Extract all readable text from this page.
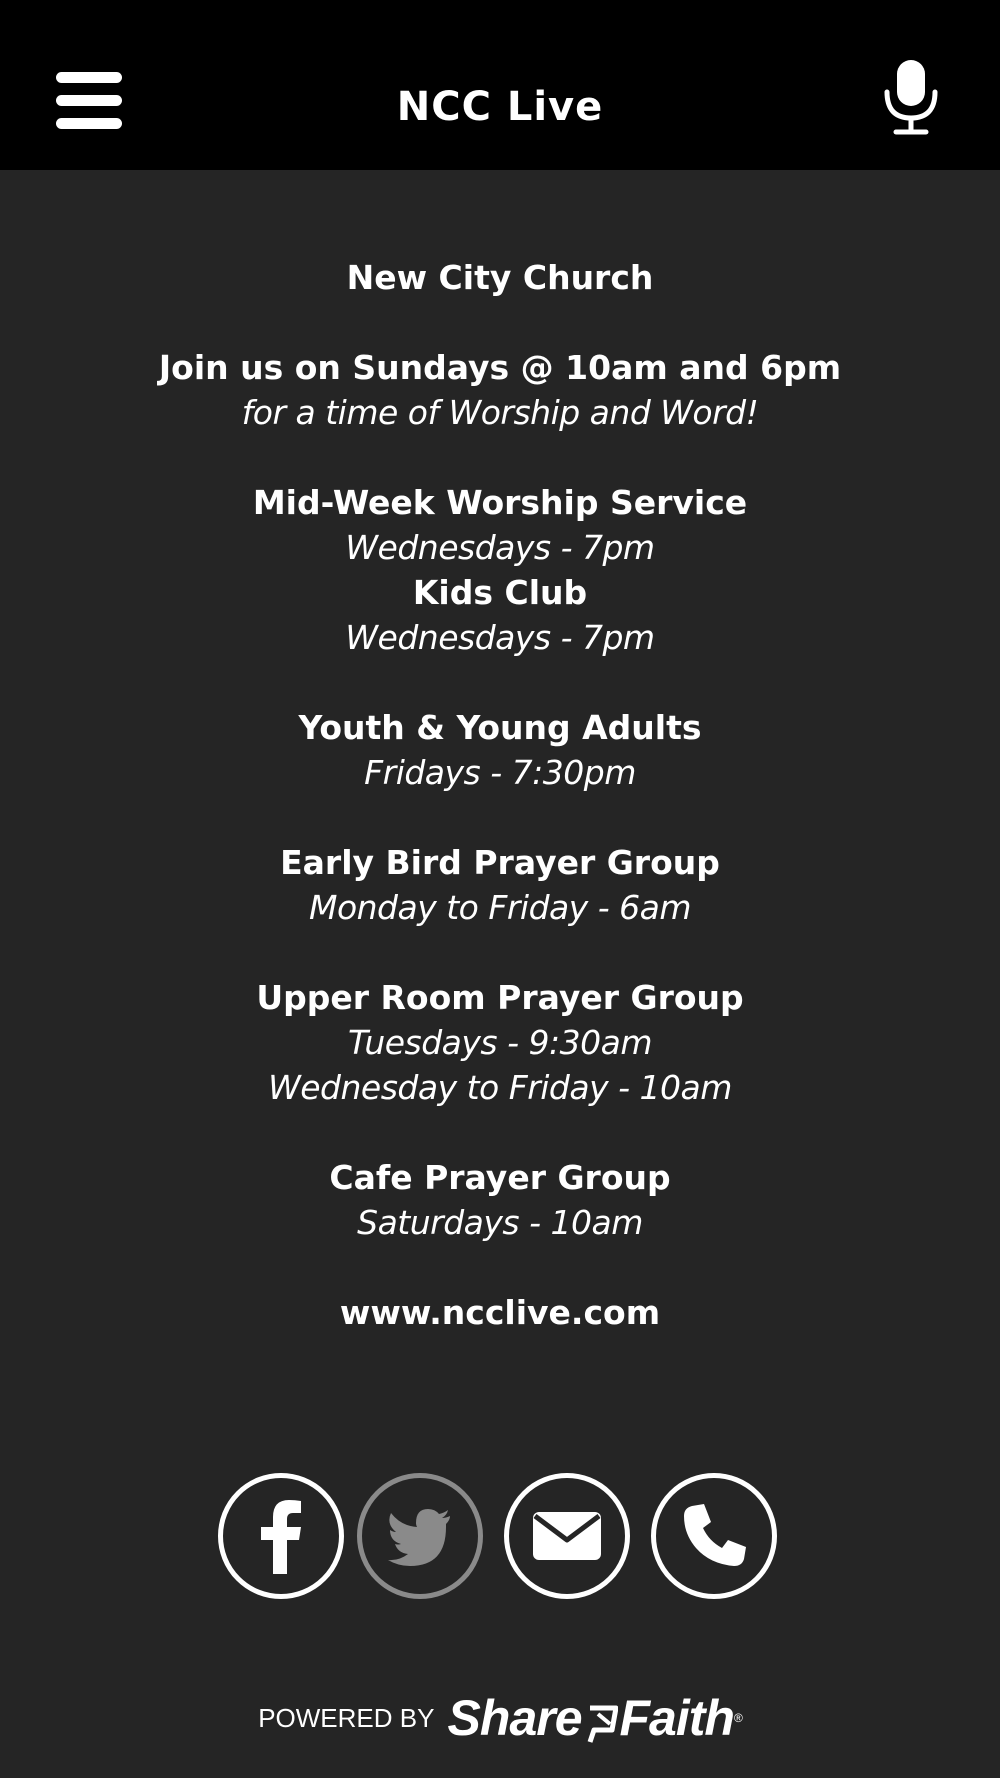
NCC Live
New City Church
Join us on Sundays @ 10am and 6pm
for a time of Worship and Word!
Mid-Week Worship Service
Wednesdays - 7pm
Kids Club
Wednesdays - 7pm
Youth & Young Adults
Fridays - 7:30pm
Early Bird Prayer Group
Monday to Friday - 6am
Upper Room Prayer Group
Tuesdays - 9:30am
Wednesday to Friday - 10am
Cafe Prayer Group
Saturdays - 10am
www.ncclive.com
POWERED BY Share Faith®
